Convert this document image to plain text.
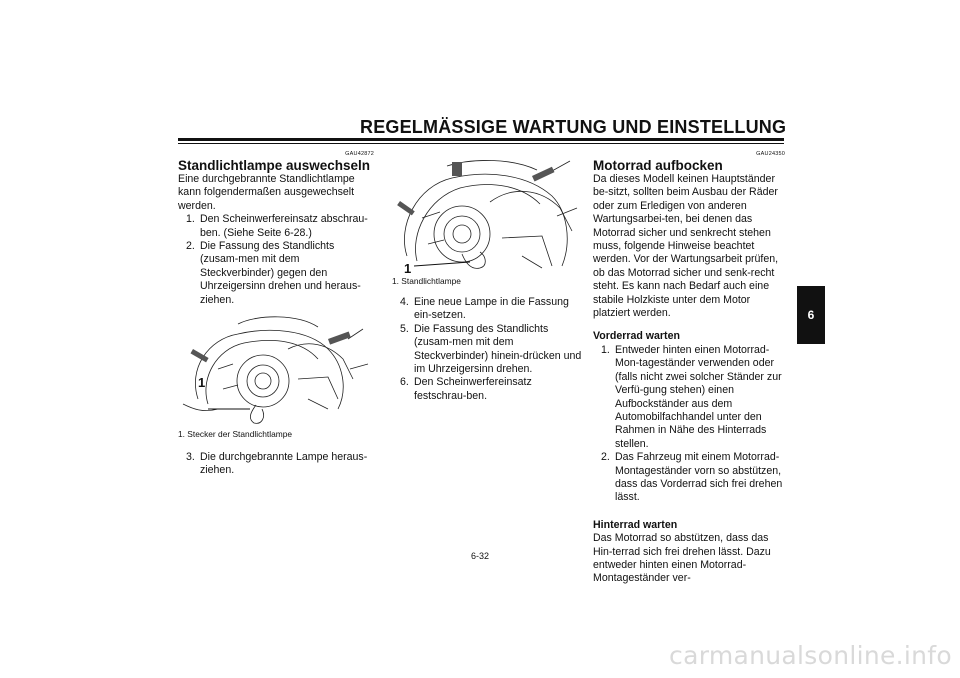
REGELMÄSSIGE WARTUNG UND EINSTELLUNG
GAU42872
Standlichtlampe auswechseln

Eine durchgebrannte Standlichtlampe kann folgendermaßen ausgewechselt werden.

1. Den Scheinwerfereinsatz abschrau-ben. (Siehe Seite 6-28.)
2. Die Fassung des Standlichts (zusam-men mit dem Steckverbinder) gegen den Uhrzeigersinn drehen und heraus-ziehen.
1
1. Stecker der Standlichtlampe
3. Die durchgebrannte Lampe heraus-ziehen.
1
1. Standlichtlampe
4. Eine neue Lampe in die Fassung ein-setzen.
5. Die Fassung des Standlichts (zusam-men mit dem Steckverbinder) hinein-drücken und im Uhrzeigersinn drehen.
6. Den Scheinwerfereinsatz festschrau-ben.
GAU24350
Motorrad aufbocken

Da dieses Modell keinen Hauptständer be-sitzt, sollten beim Ausbau der Räder oder zum Erledigen von anderen Wartungsarbei-ten, bei denen das Motorrad sicher und senkrecht stehen muss, folgende Hinweise beachtet werden. Vor der Wartungsarbeit prüfen, ob das Motorrad sicher und senk-recht steht. Es kann nach Bedarf auch eine stabile Holzkiste unter dem Motor platziert werden.

Vorderrad warten
1. Entweder hinten einen Motorrad-Mon-tageständer verwenden oder (falls nicht zwei solcher Ständer zur Verfü-gung stehen) einen Aufbockständer aus dem Automobilfachhandel unter den Rahmen in Nähe des Hinterrads stellen.
2. Das Fahrzeug mit einem Motorrad-Montageständer vorn so abstützen, dass das Vorderrad sich frei drehen lässt.
Hinterrad warten

Das Motorrad so abstützen, dass das Hin-terrad sich frei drehen lässt. Dazu entweder hinten einen Motorrad-Montageständer ver-

6
6-32
carmanualsonline.info
